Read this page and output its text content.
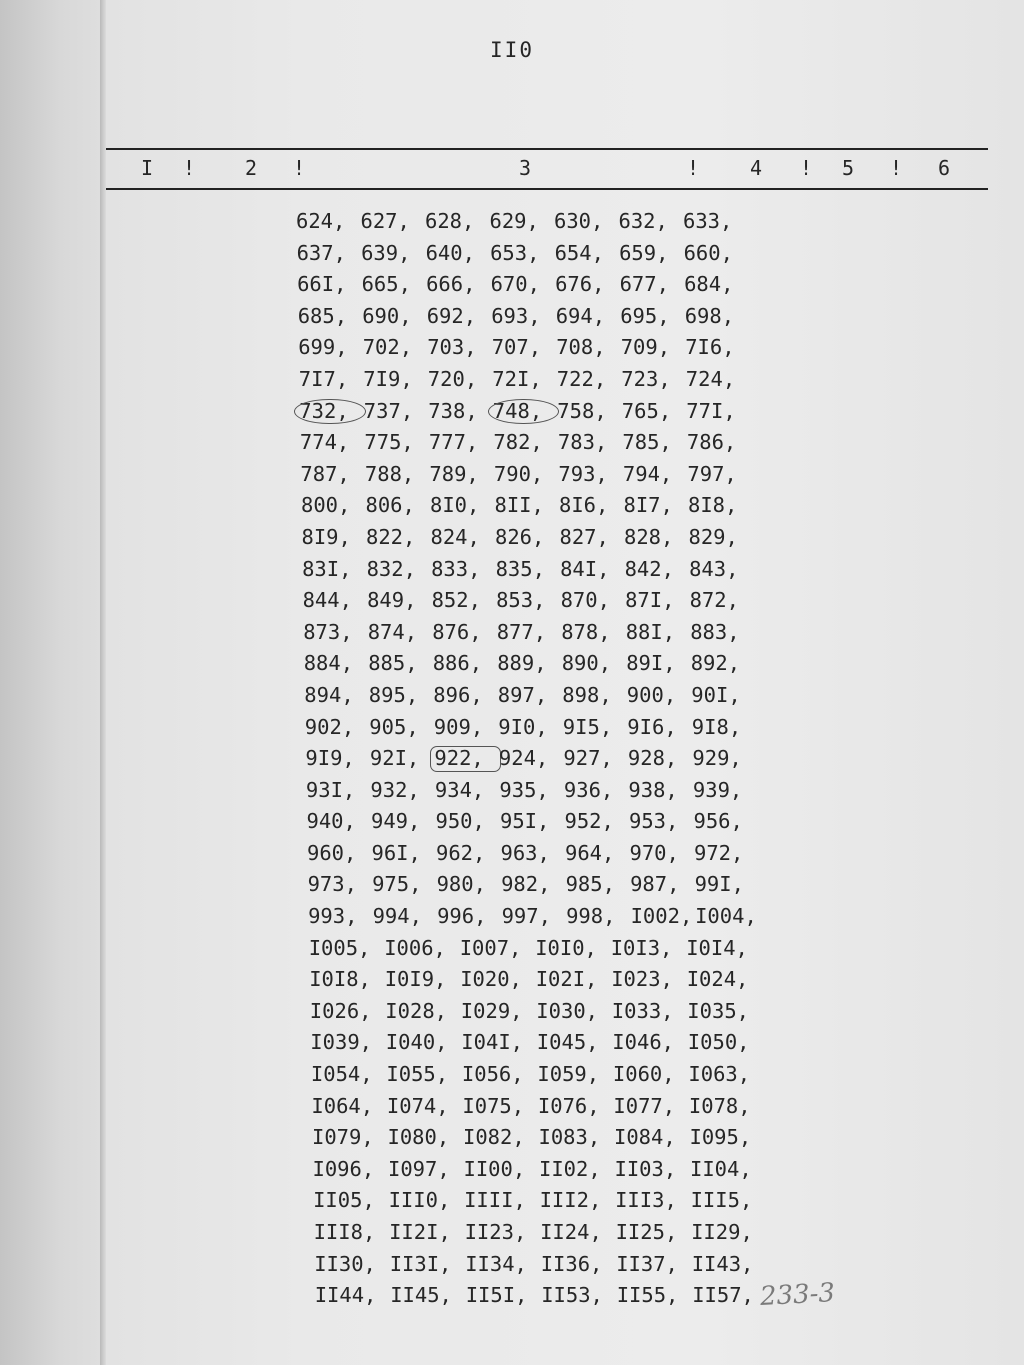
II0
I ! 2 !	3	!	4 ! 5 ! 6
624, 627, 628, 629, 630, 632, 633,
637, 639, 640, 653, 654, 659, 660,
66I, 665, 666, 670, 676, 677, 684,
685, 690, 692, 693, 694, 695, 698,
699, 702, 703, 707, 708, 709, 7I6,
7I7, 7I9, 720, 72I, 722, 723, 724,
732, 737, 738, 748, 758, 765, 77I,
774, 775, 777, 782, 783, 785, 786,
787, 788, 789, 790, 793, 794, 797,
800, 806, 8I0, 8II, 8I6, 8I7, 8I8,
8I9, 822, 824, 826, 827, 828, 829,
83I, 832, 833, 835, 84I, 842, 843,
844, 849, 852, 853, 870, 87I, 872,
873, 874, 876, 877, 878, 88I, 883,
884, 885, 886, 889, 890, 89I, 892,
894, 895, 896, 897, 898, 900, 90I,
902, 905, 909, 9I0, 9I5, 9I6, 9I8,
9I9, 92I, 922, 924, 927, 928, 929,
93I, 932, 934, 935, 936, 938, 939,
940, 949, 950, 95I, 952, 953, 956,
960, 96I, 962, 963, 964, 970, 972,
973, 975, 980, 982, 985, 987, 99I,
993, 994, 996, 997, 998, I002, I004,
I005, I006, I007, I0I0, I0I3, I0I4,
I0I8, I0I9, I020, I02I, I023, I024,
I026, I028, I029, I030, I033, I035,
I039, I040, I04I, I045, I046, I050,
I054, I055, I056, I059, I060, I063,
I064, I074, I075, I076, I077, I078,
I079, I080, I082, I083, I084, I095,
I096, I097, II00, II02, II03, II04,
II05, III0, IIII, III2, III3, III5,
III8, II2I, II23, II24, II25, II29,
II30, II3I, II34, II36, II37, II43,
II44, II45, II5I, II53, II55, II57, 233-3
